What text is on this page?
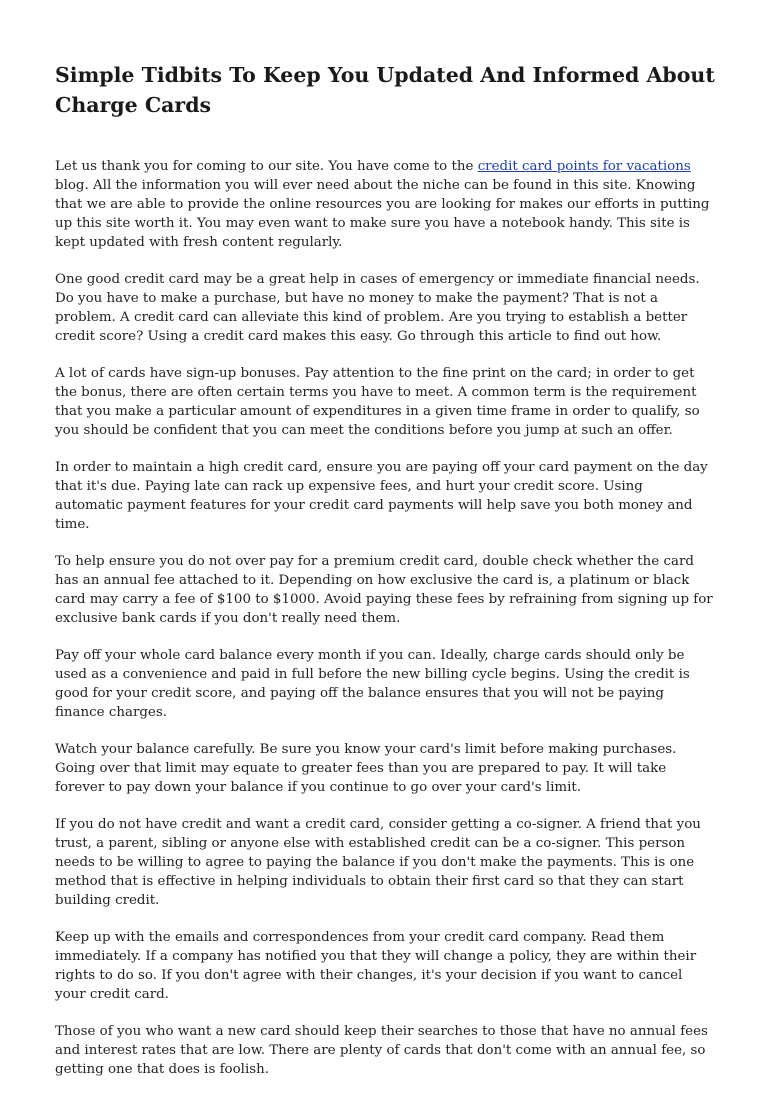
Simple Tidbits To Keep You Updated And Informed About Charge Cards

Let us thank you for coming to our site. You have come to the credit card points for vacations blog. All the information you will ever need about the niche can be found in this site. Knowing that we are able to provide the online resources you are looking for makes our efforts in putting up this site worth it. You may even want to make sure you have a notebook handy. This site is kept updated with fresh content regularly.

One good credit card may be a great help in cases of emergency or immediate financial needs. Do you have to make a purchase, but have no money to make the payment? That is not a problem. A credit card can alleviate this kind of problem. Are you trying to establish a better credit score? Using a credit card makes this easy. Go through this article to find out how.

A lot of cards have sign-up bonuses. Pay attention to the fine print on the card; in order to get the bonus, there are often certain terms you have to meet. A common term is the requirement that you make a particular amount of expenditures in a given time frame in order to qualify, so you should be confident that you can meet the conditions before you jump at such an offer.

In order to maintain a high credit card, ensure you are paying off your card payment on the day that it's due. Paying late can rack up expensive fees, and hurt your credit score. Using automatic payment features for your credit card payments will help save you both money and time.

To help ensure you do not over pay for a premium credit card, double check whether the card has an annual fee attached to it. Depending on how exclusive the card is, a platinum or black card may carry a fee of $100 to $1000. Avoid paying these fees by refraining from signing up for exclusive bank cards if you don't really need them.

Pay off your whole card balance every month if you can. Ideally, charge cards should only be used as a convenience and paid in full before the new billing cycle begins. Using the credit is good for your credit score, and paying off the balance ensures that you will not be paying finance charges.

Watch your balance carefully. Be sure you know your card's limit before making purchases. Going over that limit may equate to greater fees than you are prepared to pay. It will take forever to pay down your balance if you continue to go over your card's limit.

If you do not have credit and want a credit card, consider getting a co-signer. A friend that you trust, a parent, sibling or anyone else with established credit can be a co-signer. This person needs to be willing to agree to paying the balance if you don't make the payments. This is one method that is effective in helping individuals to obtain their first card so that they can start building credit.

Keep up with the emails and correspondences from your credit card company. Read them immediately. If a company has notified you that they will change a policy, they are within their rights to do so. If you don't agree with their changes, it's your decision if you want to cancel your credit card.

Those of you who want a new card should keep their searches to those that have no annual fees and interest rates that are low. There are plenty of cards that don't come with an annual fee, so getting one that does is foolish.
